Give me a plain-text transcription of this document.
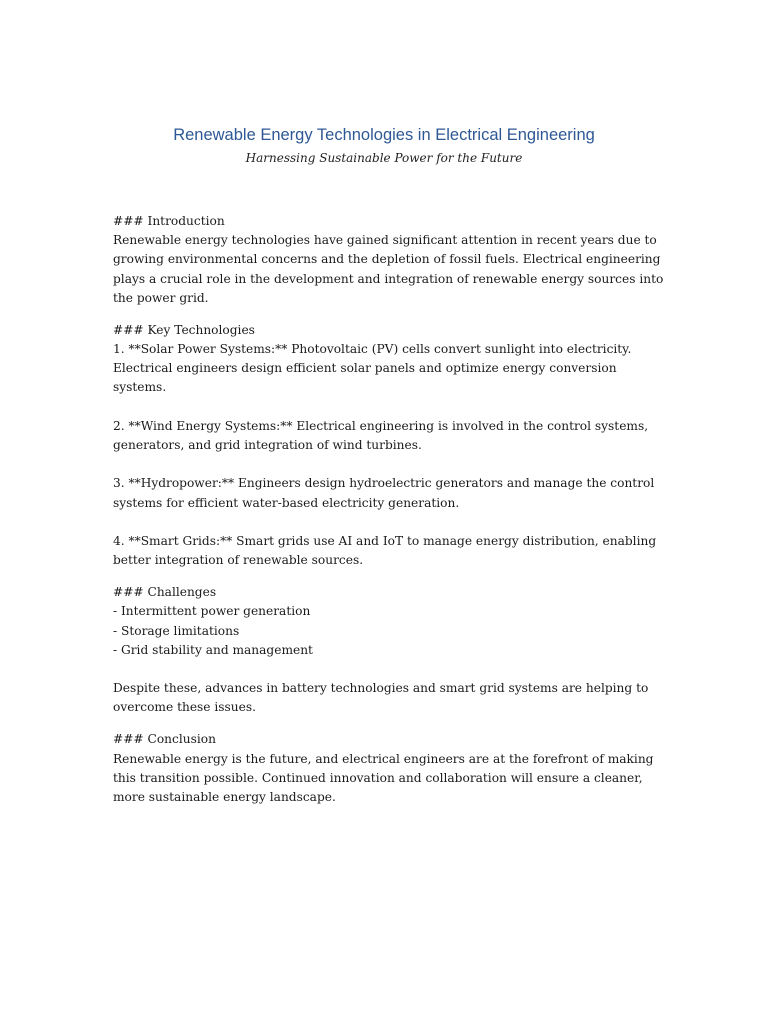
Renewable Energy Technologies in Electrical Engineering
Harnessing Sustainable Power for the Future
### Introduction
Renewable energy technologies have gained significant attention in recent years due to growing environmental concerns and the depletion of fossil fuels. Electrical engineering plays a crucial role in the development and integration of renewable energy sources into the power grid.
### Key Technologies
1. **Solar Power Systems:** Photovoltaic (PV) cells convert sunlight into electricity. Electrical engineers design efficient solar panels and optimize energy conversion systems.
2. **Wind Energy Systems:** Electrical engineering is involved in the control systems, generators, and grid integration of wind turbines.
3. **Hydropower:** Engineers design hydroelectric generators and manage the control systems for efficient water-based electricity generation.
4. **Smart Grids:** Smart grids use AI and IoT to manage energy distribution, enabling better integration of renewable sources.
### Challenges
- Intermittent power generation
- Storage limitations
- Grid stability and management
Despite these, advances in battery technologies and smart grid systems are helping to overcome these issues.
### Conclusion
Renewable energy is the future, and electrical engineers are at the forefront of making this transition possible. Continued innovation and collaboration will ensure a cleaner, more sustainable energy landscape.
